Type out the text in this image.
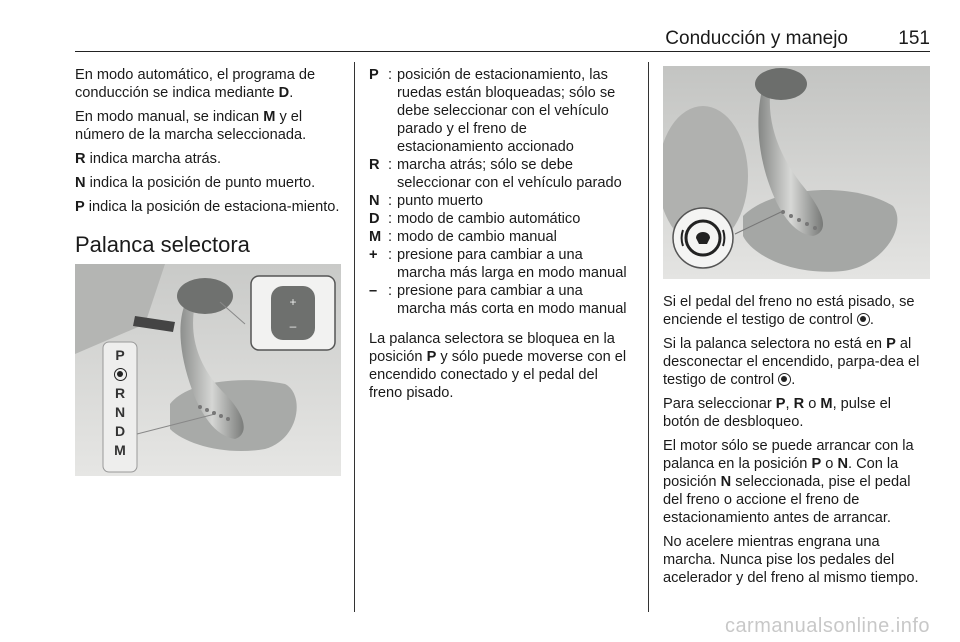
Conducción y manejo	151
En modo automático, el programa de conducción se indica mediante D.
En modo manual, se indican M y el número de la marcha seleccionada.
R indica marcha atrás.
N indica la posición de punto muerto.
P indica la posición de estaciona-miento.
Palanca selectora
+
–
P
R
N
D
M
P : posición de estacionamiento, las ruedas están bloqueadas; sólo se debe seleccionar con el vehículo parado y el freno de estacionamiento accionado
R : marcha atrás; sólo se debe seleccionar con el vehículo parado
N : punto muerto
D : modo de cambio automático
M : modo de cambio manual
+ : presione para cambiar a una marcha más larga en modo manual
– : presione para cambiar a una marcha más corta en modo manual
La palanca selectora se bloquea en la posición P y sólo puede moverse con el encendido conectado y el pedal del freno pisado.
Si el pedal del freno no está pisado, se enciende el testigo de control .
Si la palanca selectora no está en P al desconectar el encendido, parpa-dea el testigo de control .
Para seleccionar P, R o M, pulse el botón de desbloqueo.
El motor sólo se puede arrancar con la palanca en la posición P o N. Con la posición N seleccionada, pise el pedal del freno o accione el freno de estacionamiento antes de arrancar.
No acelere mientras engrana una marcha. Nunca pise los pedales del acelerador y del freno al mismo tiempo.
carmanualsonline.info
